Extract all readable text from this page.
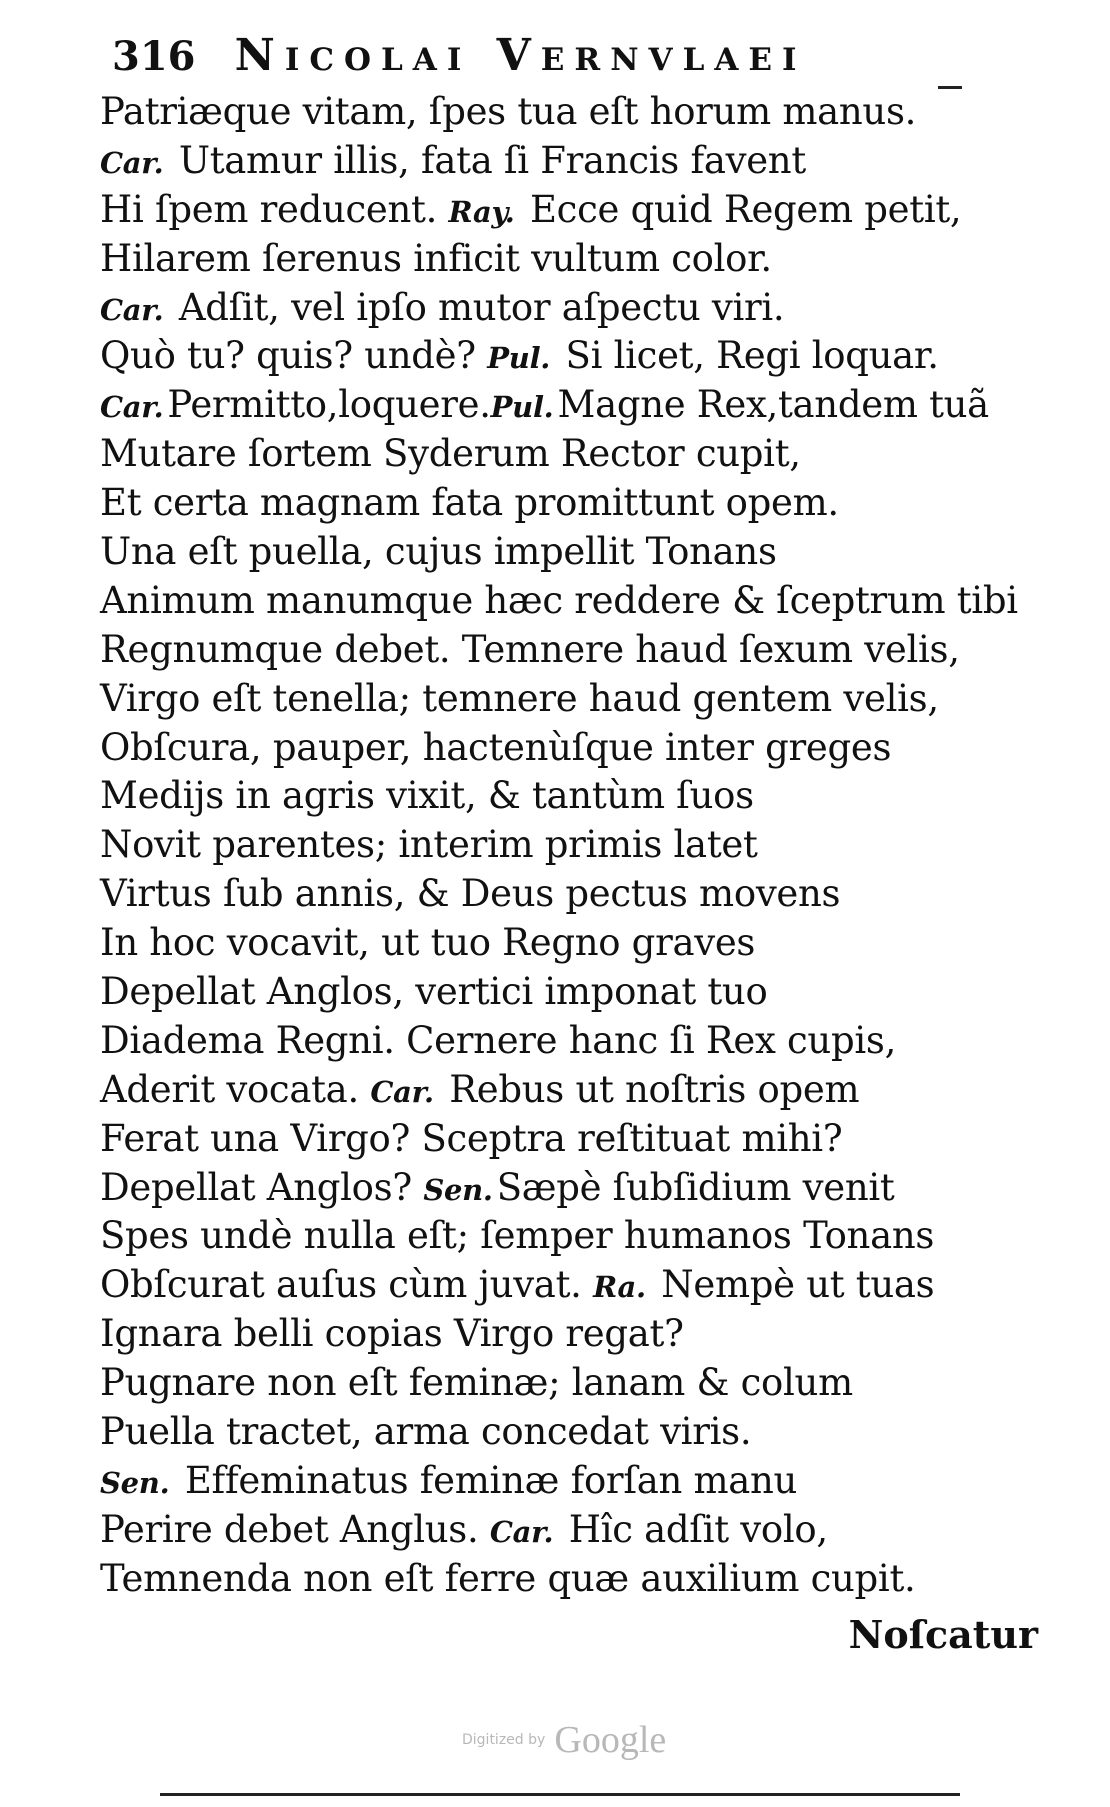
316 Nicolai Vernvlaei
Patriæque vitam, ſpes tua eſt horum manus.
Car. Utamur illis, fata ſi Francis favent
Hi ſpem reducent. Ray. Ecce quid Regem petit,
Hilarem ſerenus inficit vultum color.
Car. Adſit, vel ipſo mutor aſpectu viri.
Quò tu? quis? undè? Pul. Si licet, Regi loquar.
Car. Permitto,loquere.Pul. Magne Rex,tandem tuã
Mutare ſortem Syderum Rector cupit,
Et certa magnam fata promittunt opem.
Una eſt puella, cujus impellit Tonans
Animum manumque hæc reddere & ſceptrum tibi
Regnumque debet. Temnere haud ſexum velis,
Virgo eſt tenella; temnere haud gentem velis,
Obſcura, pauper, hactenùſque inter greges
Medijs in agris vixit, & tantùm ſuos
Novit parentes; interim primis latet
Virtus ſub annis, & Deus pectus movens
In hoc vocavit, ut tuo Regno graves
Depellat Anglos, vertici imponat tuo
Diadema Regni. Cernere hanc ſi Rex cupis,
Aderit vocata. Car. Rebus ut noſtris opem
Ferat una Virgo? Sceptra reſtituat mihi?
Depellat Anglos? Sen. Sæpè ſubſidium venit
Spes undè nulla eſt; ſemper humanos Tonans
Obſcurat auſus cùm juvat. Ra. Nempè ut tuas
Ignara belli copias Virgo regat?
Pugnare non eſt feminæ; lanam & colum
Puella tractet, arma concedat viris.
Sen. Effeminatus feminæ forſan manu
Perire debet Anglus. Car. Hîc adſit volo,
Temnenda non eſt ferre quæ auxilium cupit.
Noſcatur
Digitized by Google
